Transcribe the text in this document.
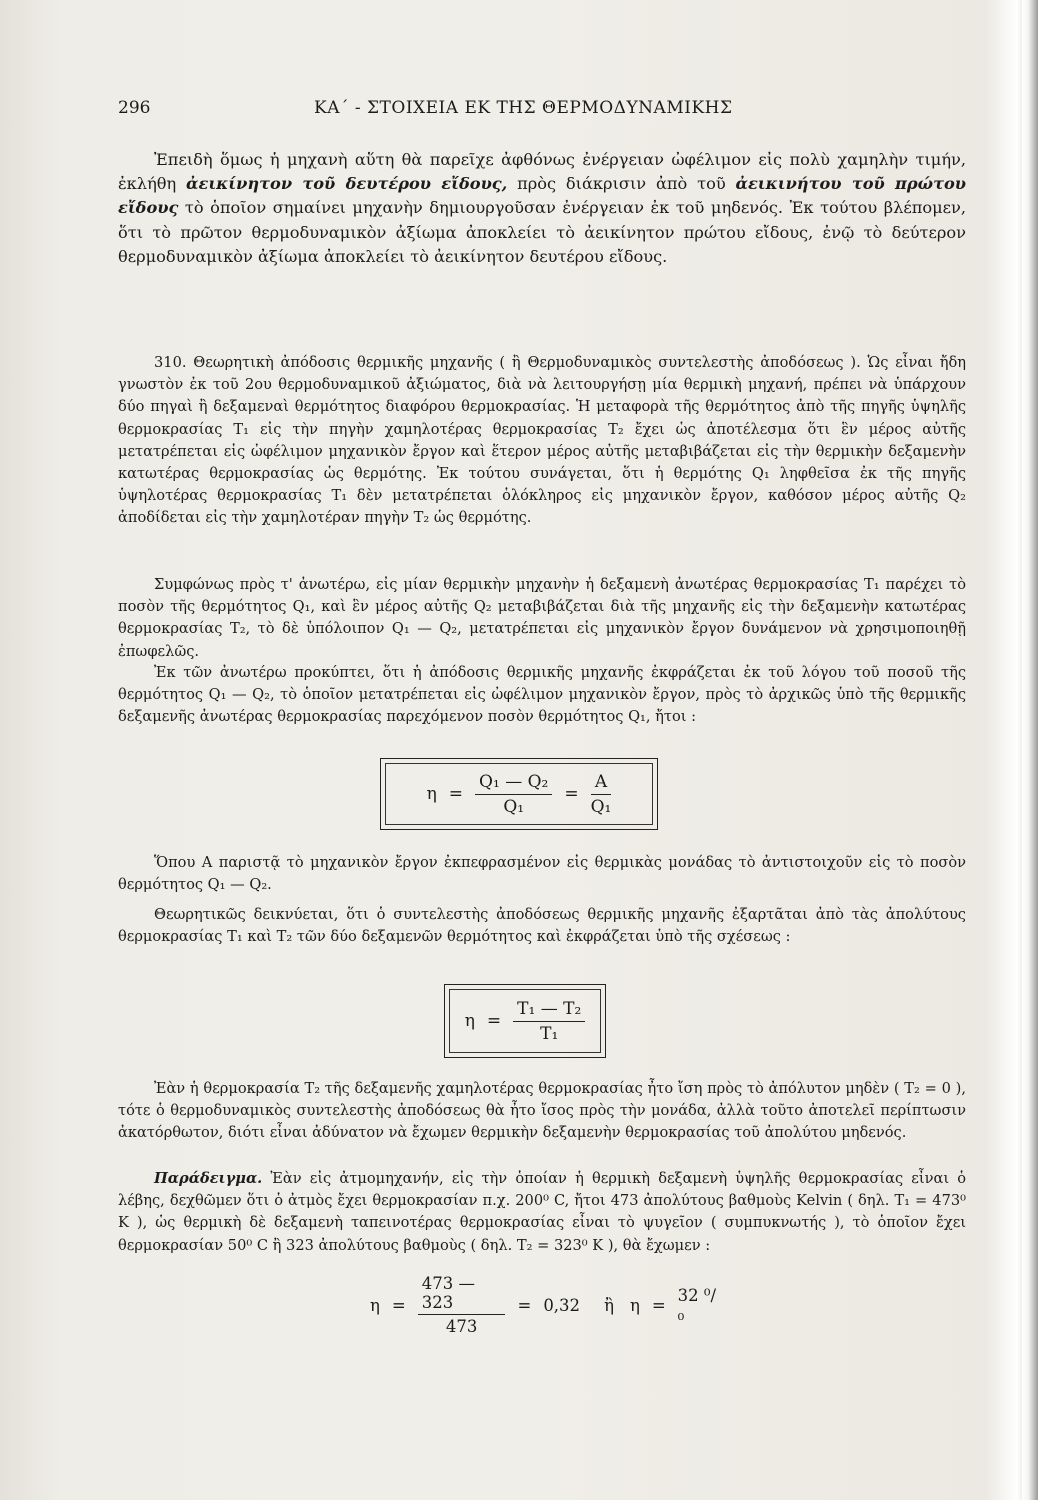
296	ΚΑ΄ - ΣΤΟΙΧΕΙΑ ΕΚ ΤΗΣ ΘΕΡΜΟΔΥΝΑΜΙΚΗΣ

Ἐπειδὴ ὅμως ἡ μηχανὴ αὕτη θὰ παρεῖχε ἀφθόνως ἐνέργειαν ὠφέλιμον εἰς πολὺ χαμηλὴν τιμήν, ἐκλήθη ἀεικίνητον τοῦ δευτέρου εἴδους, πρὸς διάκρισιν ἀπὸ τοῦ ἀεικινήτου τοῦ πρώτου εἴδους τὸ ὁποῖον σημαίνει μηχανὴν δημιουργοῦσαν ἐνέργειαν ἐκ τοῦ μηδενός. Ἐκ τούτου βλέπομεν, ὅτι τὸ πρῶτον θερμοδυναμικὸν ἀξίωμα ἀποκλείει τὸ ἀεικίνητον πρώτου εἴδους, ἐνῷ τὸ δεύτερον θερμοδυναμικὸν ἀξίωμα ἀποκλείει τὸ ἀεικίνητον δευτέρου εἴδους.

310. Θεωρητικὴ ἀπόδοσις θερμικῆς μηχανῆς ( ἢ Θερμοδυναμικὸς συντελεστὴς ἀποδόσεως ). Ὡς εἶναι ἤδη γνωστὸν ἐκ τοῦ 2ου θερμοδυναμικοῦ ἀξιώματος, διὰ νὰ λειτουργήσῃ μία θερμικὴ μηχανή, πρέπει νὰ ὑπάρχουν δύο πηγαὶ ἢ δεξαμεναὶ θερμότητος διαφόρου θερμοκρασίας. Ἡ μεταφορὰ τῆς θερμότητος ἀπὸ τῆς πηγῆς ὑψηλῆς θερμοκρασίας T₁ εἰς τὴν πηγὴν χαμηλοτέρας θερμοκρασίας T₂ ἔχει ὡς ἀποτέλεσμα ὅτι ἓν μέρος αὐτῆς μετατρέπεται εἰς ὠφέλιμον μηχανικὸν ἔργον καὶ ἕτερον μέρος αὐτῆς μεταβιβάζεται εἰς τὴν θερμικὴν δεξαμενὴν κατωτέρας θερμοκρασίας ὡς θερμότης. Ἐκ τούτου συνάγεται, ὅτι ἡ θερμότης Q₁ ληφθεῖσα ἐκ τῆς πηγῆς ὑψηλοτέρας θερμοκρασίας T₁ δὲν μετατρέπεται ὁλόκληρος εἰς μηχανικὸν ἔργον, καθόσον μέρος αὐτῆς Q₂ ἀποδίδεται εἰς τὴν χαμηλοτέραν πηγὴν T₂ ὡς θερμότης.

Συμφώνως πρὸς τ' ἀνωτέρω, εἰς μίαν θερμικὴν μηχανὴν ἡ δεξαμενὴ ἀνωτέρας θερμοκρασίας T₁ παρέχει τὸ ποσὸν τῆς θερμότητος Q₁, καὶ ἓν μέρος αὐτῆς Q₂ μεταβιβάζεται διὰ τῆς μηχανῆς εἰς τὴν δεξαμενὴν κατωτέρας θερμοκρασίας T₂, τὸ δὲ ὑπόλοιπον Q₁ — Q₂, μετατρέπεται εἰς μηχανικὸν ἔργον δυνάμενον νὰ χρησιμοποιηθῇ ἐπωφελῶς.

Ἐκ τῶν ἀνωτέρω προκύπτει, ὅτι ἡ ἀπόδοσις θερμικῆς μηχανῆς ἐκφράζεται ἐκ τοῦ λόγου τοῦ ποσοῦ τῆς θερμότητος Q₁ — Q₂, τὸ ὁποῖον μετατρέπεται εἰς ὠφέλιμον μηχανικὸν ἔργον, πρὸς τὸ ἀρχικῶς ὑπὸ τῆς θερμικῆς δεξαμενῆς ἀνωτέρας θερμοκρασίας παρεχόμενον ποσὸν θερμότητος Q₁, ἤτοι :

$\eta = \frac{\text{Q₁ — Q₂}}{\text{Q₁}} = \frac{A}{\text{Q₁}}$

Ὅπου A παριστᾷ τὸ μηχανικὸν ἔργον ἐκπεφρασμένον εἰς θερμικὰς μονάδας τὸ ἀντιστοιχοῦν εἰς τὸ ποσὸν θερμότητος Q₁ — Q₂.

Θεωρητικῶς δεικνύεται, ὅτι ὁ συντελεστὴς ἀποδόσεως θερμικῆς μηχανῆς ἐξαρτᾶται ἀπὸ τὰς ἀπολύτους θερμοκρασίας T₁ καὶ T₂ τῶν δύο δεξαμενῶν θερμότητος καὶ ἐκφράζεται ὑπὸ τῆς σχέσεως :

$\eta = \frac{\text{T₁ — T₂}}{\text{T₁}}$

Ἐὰν ἡ θερμοκρασία T₂ τῆς δεξαμενῆς χαμηλοτέρας θερμοκρασίας ἦτο ἴση πρὸς τὸ ἀπόλυτον μηδὲν ( T₂ = 0 ), τότε ὁ θερμοδυναμικὸς συντελεστὴς ἀποδόσεως θὰ ἦτο ἴσος πρὸς τὴν μονάδα, ἀλλὰ τοῦτο ἀποτελεῖ περίπτωσιν ἀκατόρθωτον, διότι εἶναι ἀδύνατον νὰ ἔχωμεν θερμικὴν δεξαμενὴν θερμοκρασίας τοῦ ἀπολύτου μηδενός.

Παράδειγμα. Ἐὰν εἰς ἀτμομηχανήν, εἰς τὴν ὁποίαν ἡ θερμικὴ δεξαμενὴ ὑψηλῆς θερμοκρασίας εἶναι ὁ λέβης, δεχθῶμεν ὅτι ὁ ἀτμὸς ἔχει θερμοκρασίαν π.χ. 200⁰ C, ἤτοι 473 ἀπολύτους βαθμοὺς Kelvin ( δηλ. T₁ = 473⁰ K ), ὡς θερμικὴ δὲ δεξαμενὴ ταπεινοτέρας θερμοκρασίας εἶναι τὸ ψυγεῖον ( συμπυκνωτής ), τὸ ὁποῖον ἔχει θερμοκρασίαν 50⁰ C ἢ 323 ἀπολύτους βαθμοὺς ( δηλ. T₂ = 323⁰ K ), θὰ ἔχωμεν :

$\eta = \frac{473 — 323}{473} = 0,32$ ἢ η = 32 ⁰/₀
